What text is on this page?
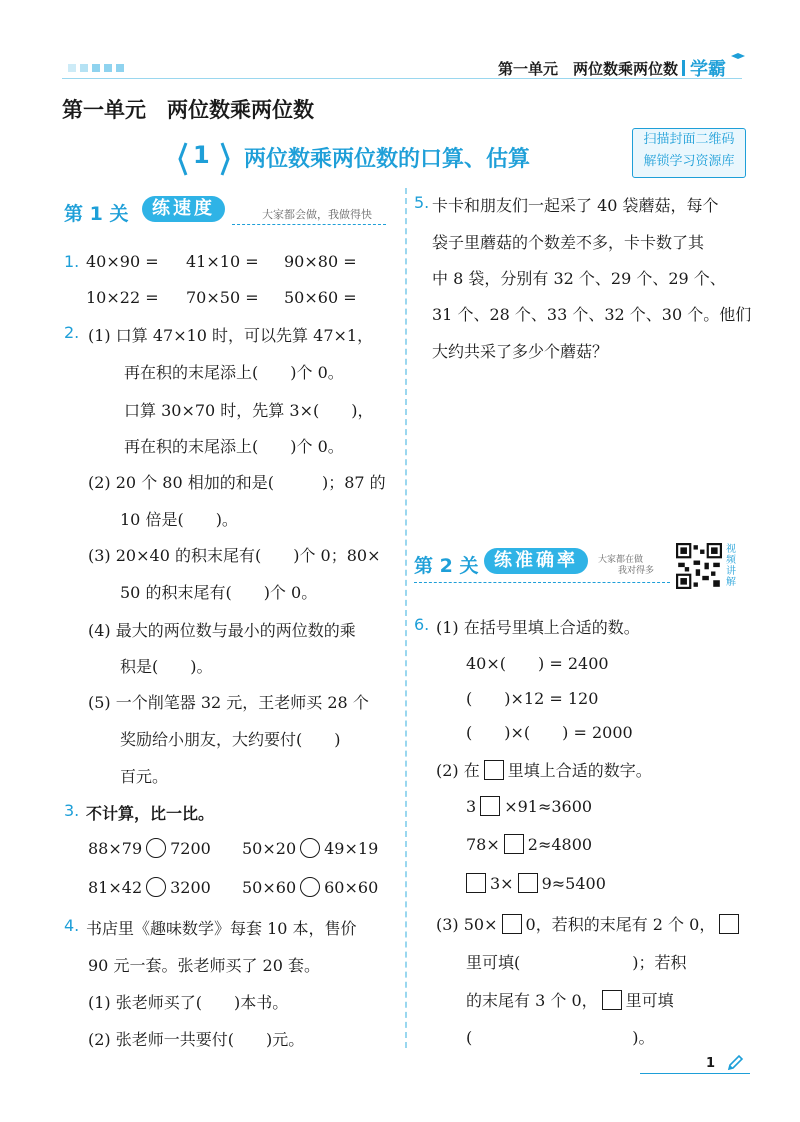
第一单元　两位数乘两位数 学霸
第一单元　两位数乘两位数
1 两位数乘两位数的口算、估算
扫描封面二维码
解锁学习资源库
第 1 关	练速度	大家都会做，我做得快
1. 40×90 = 41×10 = 90×80 =
10×22 = 70×50 = 50×60 =
2. (1) 口算 47×10 时，可以先算 47×1，
再在积的末尾添上(　　)个 0。
口算 30×70 时，先算 3×(　　)，
再在积的末尾添上(　　)个 0。
(2) 20 个 80 相加的和是(　　　)；87 的
10 倍是(　　)。
(3) 20×40 的积末尾有(　　)个 0；80×
50 的积末尾有(　　)个 0。
(4) 最大的两位数与最小的两位数的乘
积是(　　)。
(5) 一个削笔器 32 元，王老师买 28 个
奖励给小朋友，大约要付(　　)
百元。
3. 不计算，比一比。
88×79 7200 50×20 49×19
81×42 3200 50×60 60×60
4. 书店里《趣味数学》每套 10 本，售价
90 元一套。张老师买了 20 套。
(1) 张老师买了(　　)本书。
(2) 张老师一共要付(　　)元。
5. 卡卡和朋友们一起采了 40 袋蘑菇，每个
袋子里蘑菇的个数差不多，卡卡数了其
中 8 袋，分别有 32 个、29 个、29 个、
31 个、28 个、33 个、32 个、30 个。他们
大约共采了多少个蘑菇？
第 2 关 练准确率	大家都在做
我对得多
视频讲解
6. (1) 在括号里填上合适的数。
40×(　　) = 2400
(　　)×12 = 120
(　　)×(　　) = 2000
(2) 在 里填上合适的数字。
3 ×91≈3600
78× 2≈4800
3× 9≈5400
(3) 50× 0，若积的末尾有 2 个 0，
里可填(　　　　　　　)；若积
的末尾有 3 个 0， 里可填
(　　　　　　　　　　)。
1
